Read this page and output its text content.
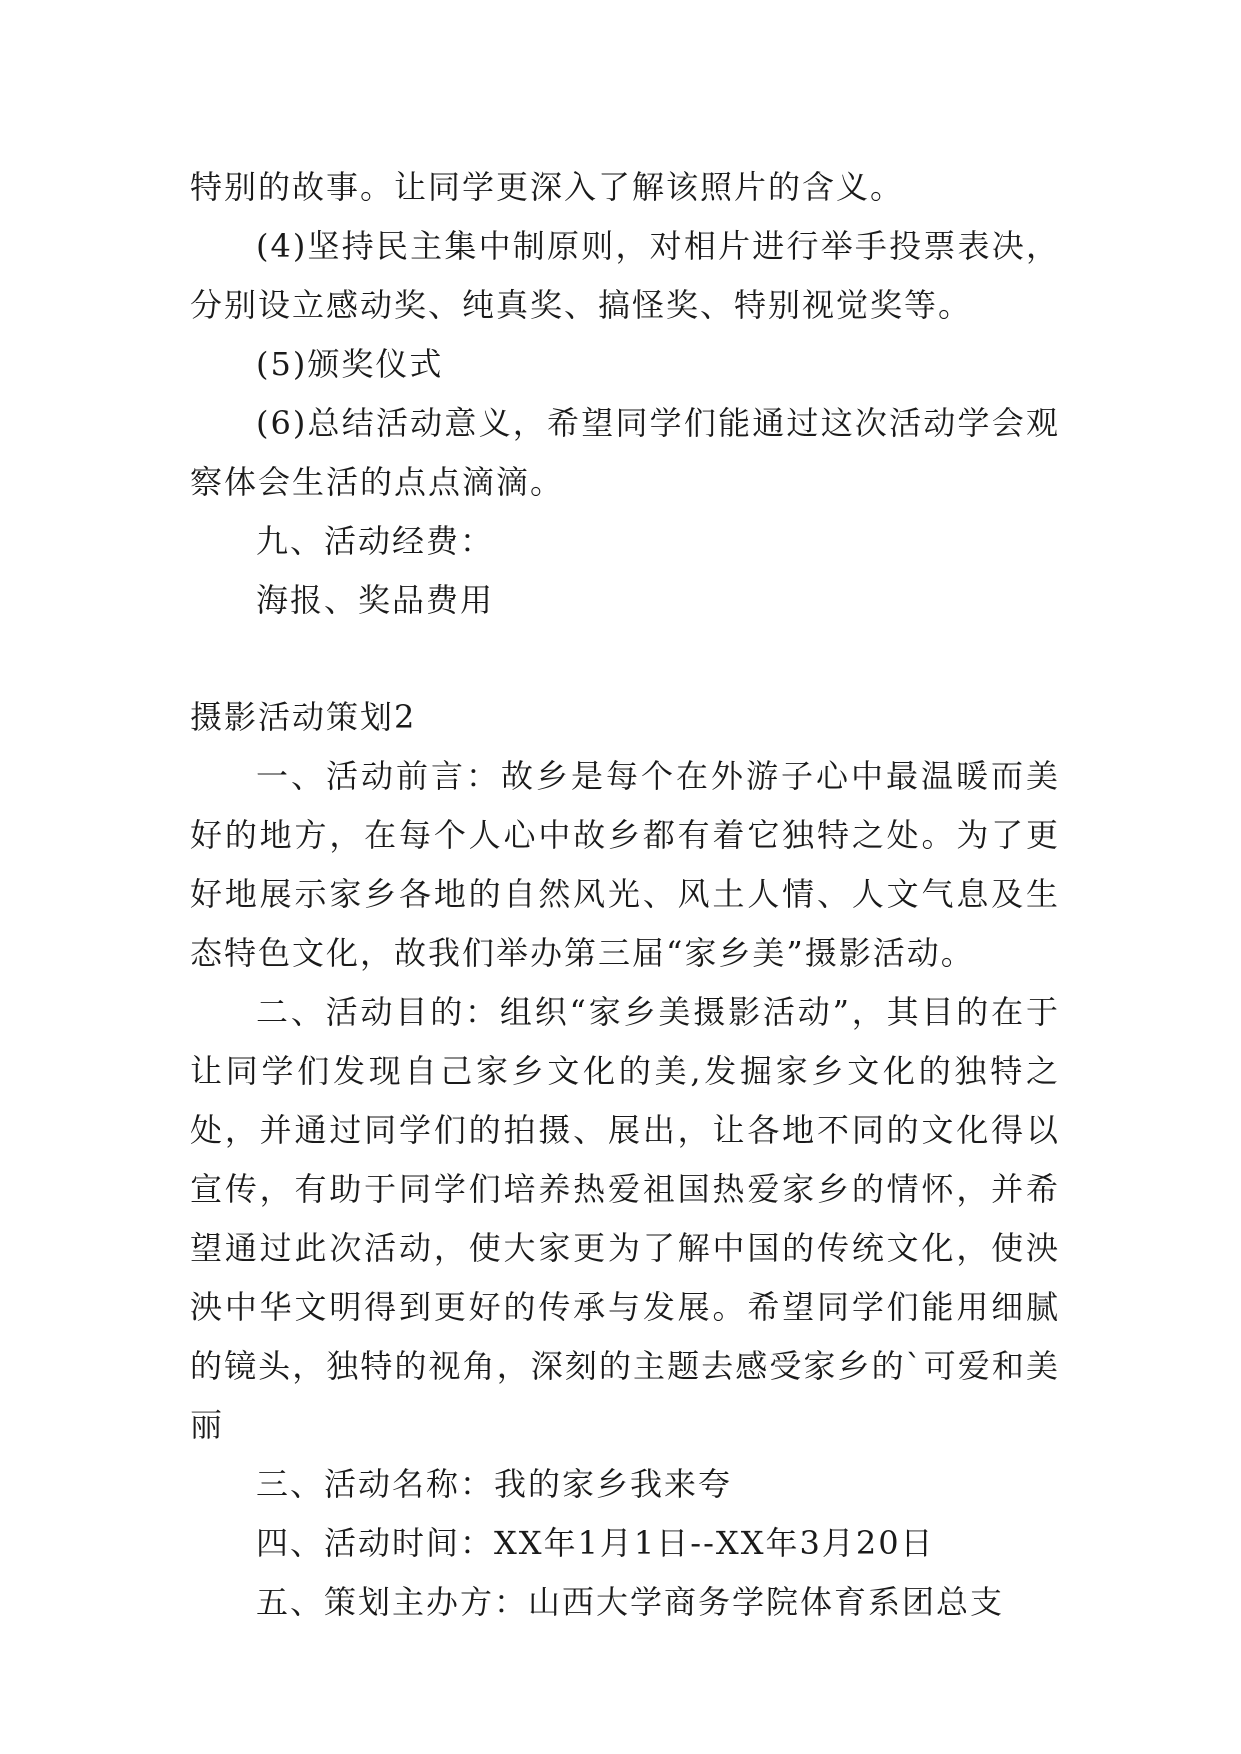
特别的故事。让同学更深入了解该照片的含义。

(4)坚持民主集中制原则，对相片进行举手投票表决，分别设立感动奖、纯真奖、搞怪奖、特别视觉奖等。

(5)颁奖仪式

(6)总结活动意义，希望同学们能通过这次活动学会观察体会生活的点点滴滴。

九、活动经费：

海报、奖品费用

摄影活动策划2

一、活动前言：故乡是每个在外游子心中最温暖而美好的地方，在每个人心中故乡都有着它独特之处。为了更好地展示家乡各地的自然风光、风土人情、人文气息及生态特色文化，故我们举办第三届“家乡美”摄影活动。

二、活动目的：组织“家乡美摄影活动”，其目的在于让同学们发现自己家乡文化的美,发掘家乡文化的独特之处，并通过同学们的拍摄、展出，让各地不同的文化得以宣传，有助于同学们培养热爱祖国热爱家乡的情怀，并希望通过此次活动，使大家更为了解中国的传统文化，使泱泱中华文明得到更好的传承与发展。希望同学们能用细腻的镜头，独特的视角，深刻的主题去感受家乡的`可爱和美丽

三、活动名称：我的家乡我来夸

四、活动时间：XX年1月1日--XX年3月20日

五、策划主办方：山西大学商务学院体育系团总支
